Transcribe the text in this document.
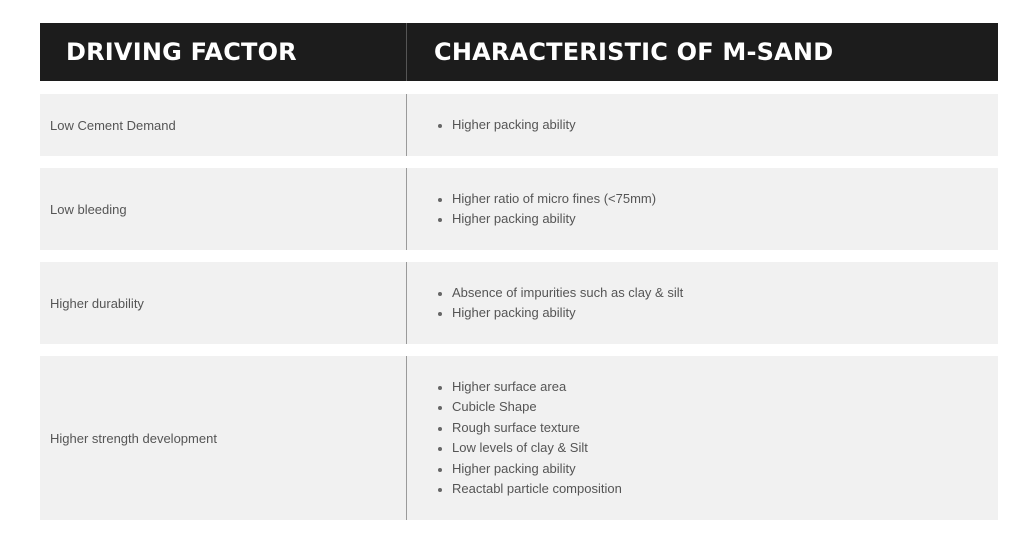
DRIVING FACTOR	CHARACTERISTIC OF M-SAND
Low Cement Demand	Higher packing ability
Low bleeding
Higher ratio of micro fines (<75mm)
Higher packing ability
Higher durability
Absence of impurities such as clay & silt
Higher packing ability
Higher strength development
Higher surface area
Cubicle Shape
Rough surface texture
Low levels of clay & Silt
Higher packing ability
Reactabl particle composition
